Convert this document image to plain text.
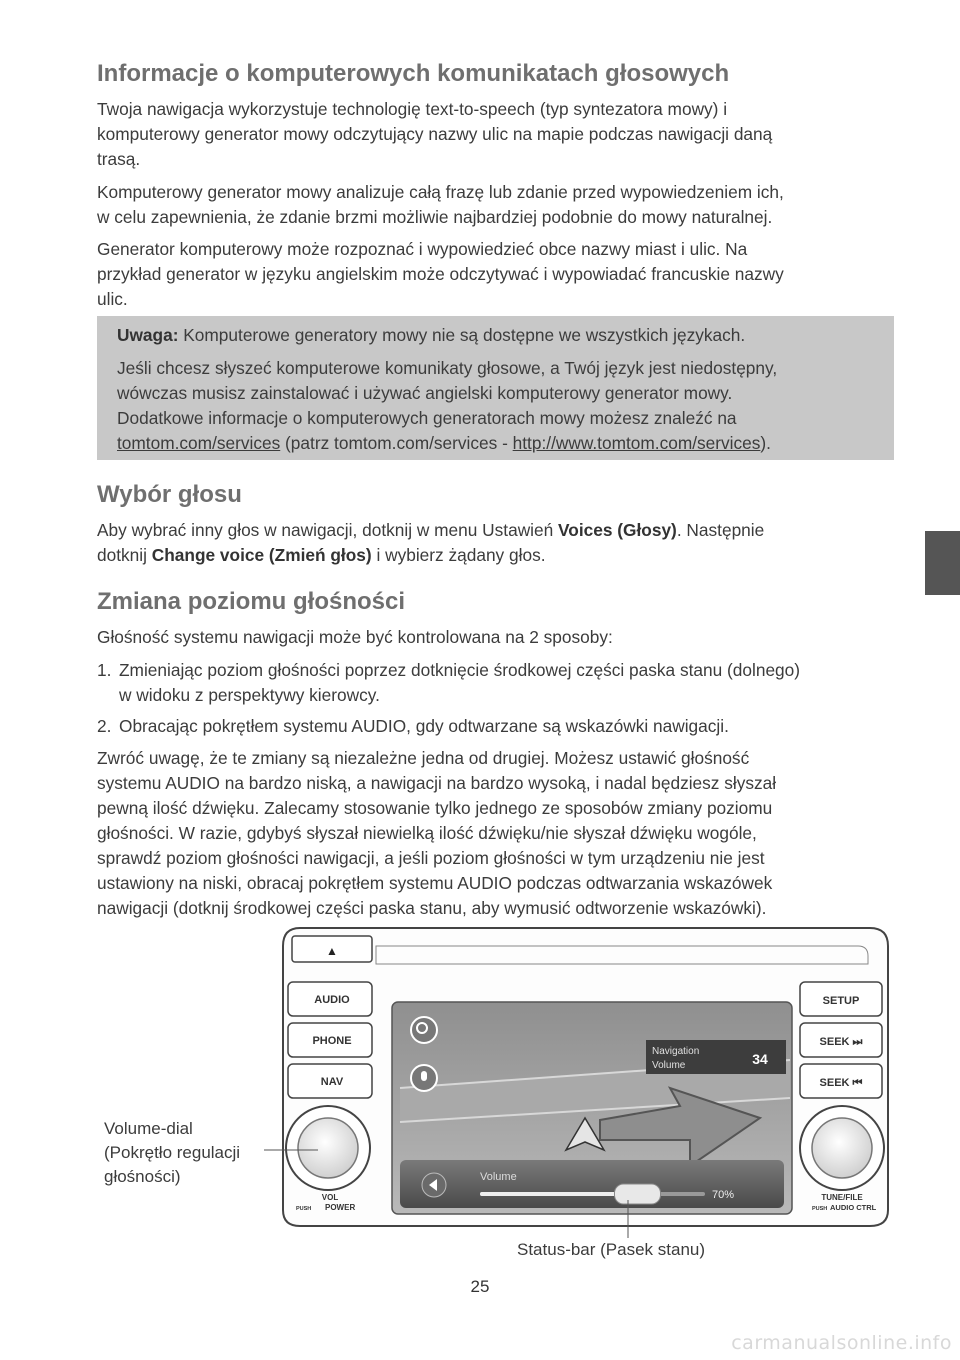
Informacje o komputerowych komunikatach głosowych
Twoja nawigacja wykorzystuje technologię text-to-speech (typ syntezatora mowy) i
komputerowy generator mowy odczytujący nazwy ulic na mapie podczas nawigacji daną
trasą.
Komputerowy generator mowy analizuje całą frazę lub zdanie przed wypowiedzeniem ich,
w celu zapewnienia, że zdanie brzmi możliwie najbardziej podobnie do mowy naturalnej.
Generator komputerowy może rozpoznać i wypowiedzieć obce nazwy miast i ulic. Na
przykład generator w języku angielskim może odczytywać i wypowiadać francuskie nazwy
ulic.
Uwaga: Komputerowe generatory mowy nie są dostępne we wszystkich językach.
Jeśli chcesz słyszeć komputerowe komunikaty głosowe, a Twój język jest niedostępny,
wówczas musisz zainstalować i używać angielski komputerowy generator mowy.
Dodatkowe informacje o komputerowych generatorach mowy możesz znaleźć na
tomtom.com/services (patrz tomtom.com/services - http://www.tomtom.com/services).
Wybór głosu
Aby wybrać inny głos w nawigacji, dotknij w menu Ustawień Voices (Głosy). Następnie
dotknij Change voice (Zmień głos) i wybierz żądany głos.
Zmiana poziomu głośności
Głośność systemu nawigacji może być kontrolowana na 2 sposoby:
1. Zmieniając poziom głośności poprzez dotknięcie środkowej części paska stanu (dolnego)
w widoku z perspektywy kierowcy.
2. Obracając pokrętłem systemu AUDIO, gdy odtwarzane są wskazówki nawigacji.
Zwróć uwagę, że te zmiany są niezależne jedna od drugiej. Możesz ustawić głośność
systemu AUDIO na bardzo niską, a nawigacji na bardzo wysoką, i nadal będziesz słyszał
pewną ilość dźwięku. Zalecamy stosowanie tylko jednego ze sposobów zmiany poziomu
głośności. W razie, gdybyś słyszał niewielką ilość dźwięku/nie słyszał dźwięku wogóle,
sprawdź poziom głośności nawigacji, a jeśli poziom głośności w tym urządzeniu nie jest
ustawiony na niski, obracaj pokrętłem systemu AUDIO podczas odtwarzania wskazówek
nawigacji (dotknij środkowej części paska stanu, aby wymusić odtworzenie wskazówki).
▲
AUDIO
PHONE
NAV
SETUP
SEEK ⏭
SEEK ⏮
VOL
PUSH POWER
TUNE/FILE
PUSH AUDIO CTRL
Navigation
Volume	34
Volume
70%
Volume-dial
(Pokrętło regulacji
głośności)
Status-bar (Pasek stanu)
25
carmanualsonline.info
